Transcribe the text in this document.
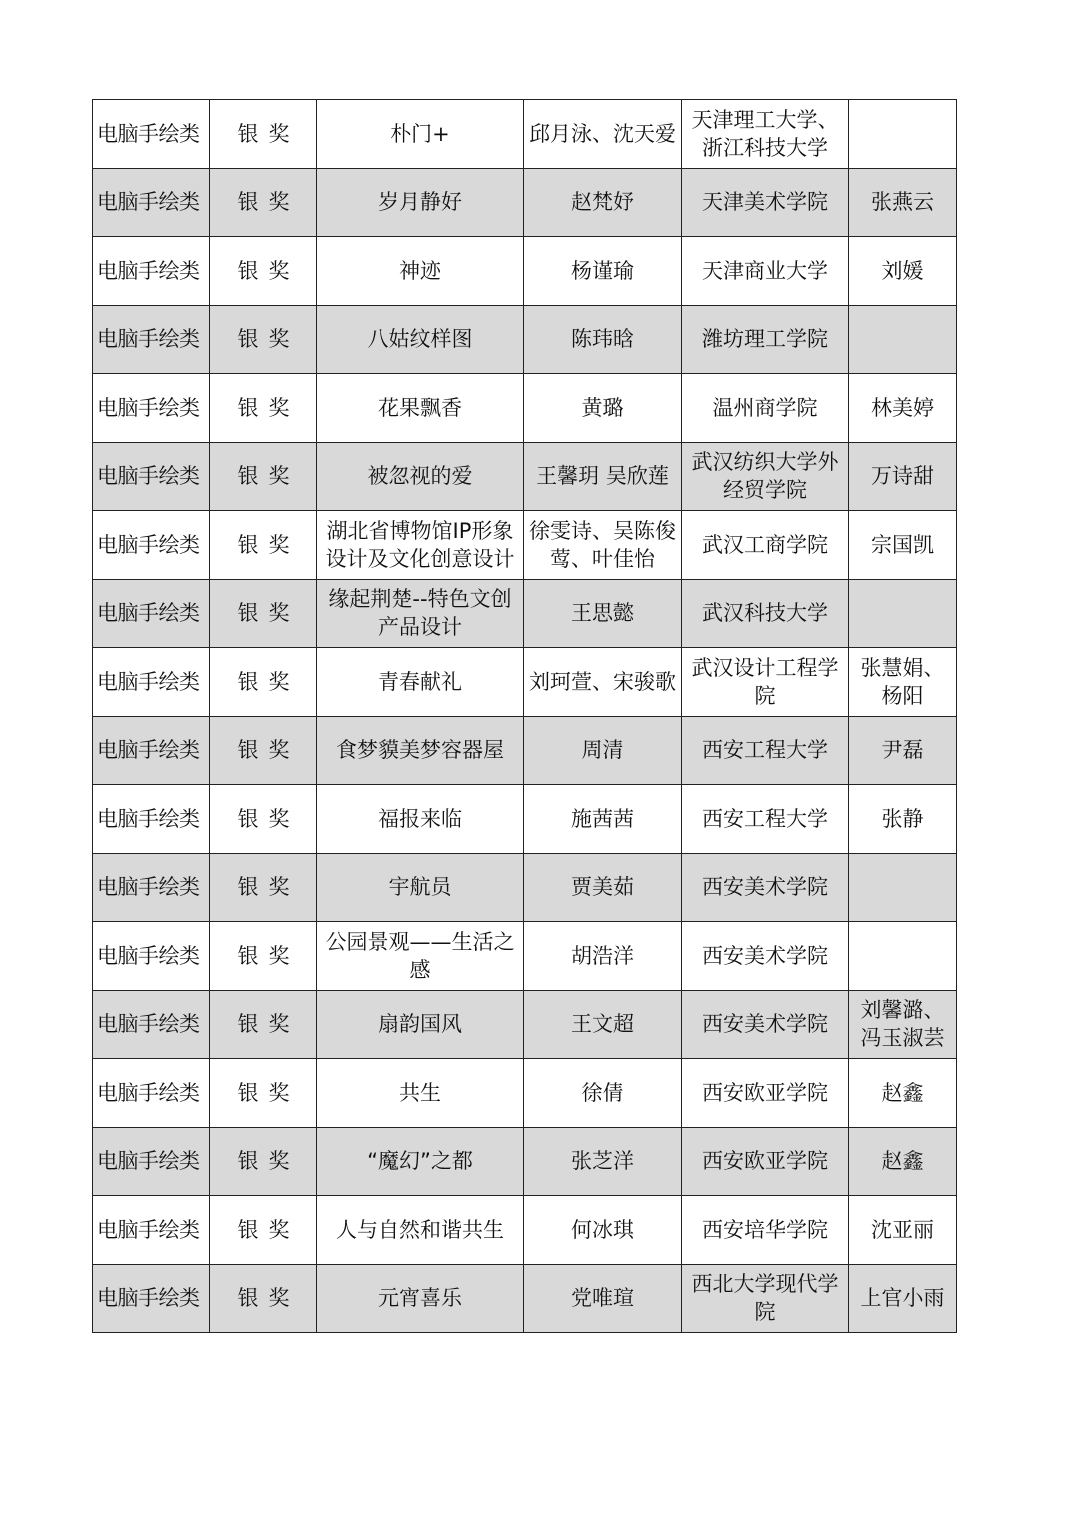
电脑手绘类	银奖	朴门+	邱月泳、沈天爱	天津理工大学、浙江科技大学	
电脑手绘类	银奖	岁月静好	赵梵妤	天津美术学院	张燕云
电脑手绘类	银奖	神迹	杨谨瑜	天津商业大学	刘媛
电脑手绘类	银奖	八姑纹样图	陈玮晗	潍坊理工学院	
电脑手绘类	银奖	花果飘香	黄璐	温州商学院	林美婷
电脑手绘类	银奖	被忽视的爱	王馨玥 吴欣莲	武汉纺织大学外经贸学院	万诗甜
电脑手绘类	银奖	湖北省博物馆IP形象设计及文化创意设计	徐雯诗、吴陈俊莺、叶佳怡	武汉工商学院	宗国凯
电脑手绘类	银奖	缘起荆楚--特色文创产品设计	王思懿	武汉科技大学	
电脑手绘类	银奖	青春献礼	刘珂萱、宋骏歌	武汉设计工程学院	张慧娟、杨阳
电脑手绘类	银奖	食梦貘美梦容器屋	周清	西安工程大学	尹磊
电脑手绘类	银奖	福报来临	施茜茜	西安工程大学	张静
电脑手绘类	银奖	宇航员	贾美茹	西安美术学院	
电脑手绘类	银奖	公园景观——生活之感	胡浩洋	西安美术学院	
电脑手绘类	银奖	扇韵国风	王文超	西安美术学院	刘馨潞、冯玉淑芸
电脑手绘类	银奖	共生	徐倩	西安欧亚学院	赵鑫
电脑手绘类	银奖	“魔幻”之都	张芝洋	西安欧亚学院	赵鑫
电脑手绘类	银奖	人与自然和谐共生	何冰琪	西安培华学院	沈亚丽
电脑手绘类	银奖	元宵喜乐	党唯瑄	西北大学现代学院	上官小雨
